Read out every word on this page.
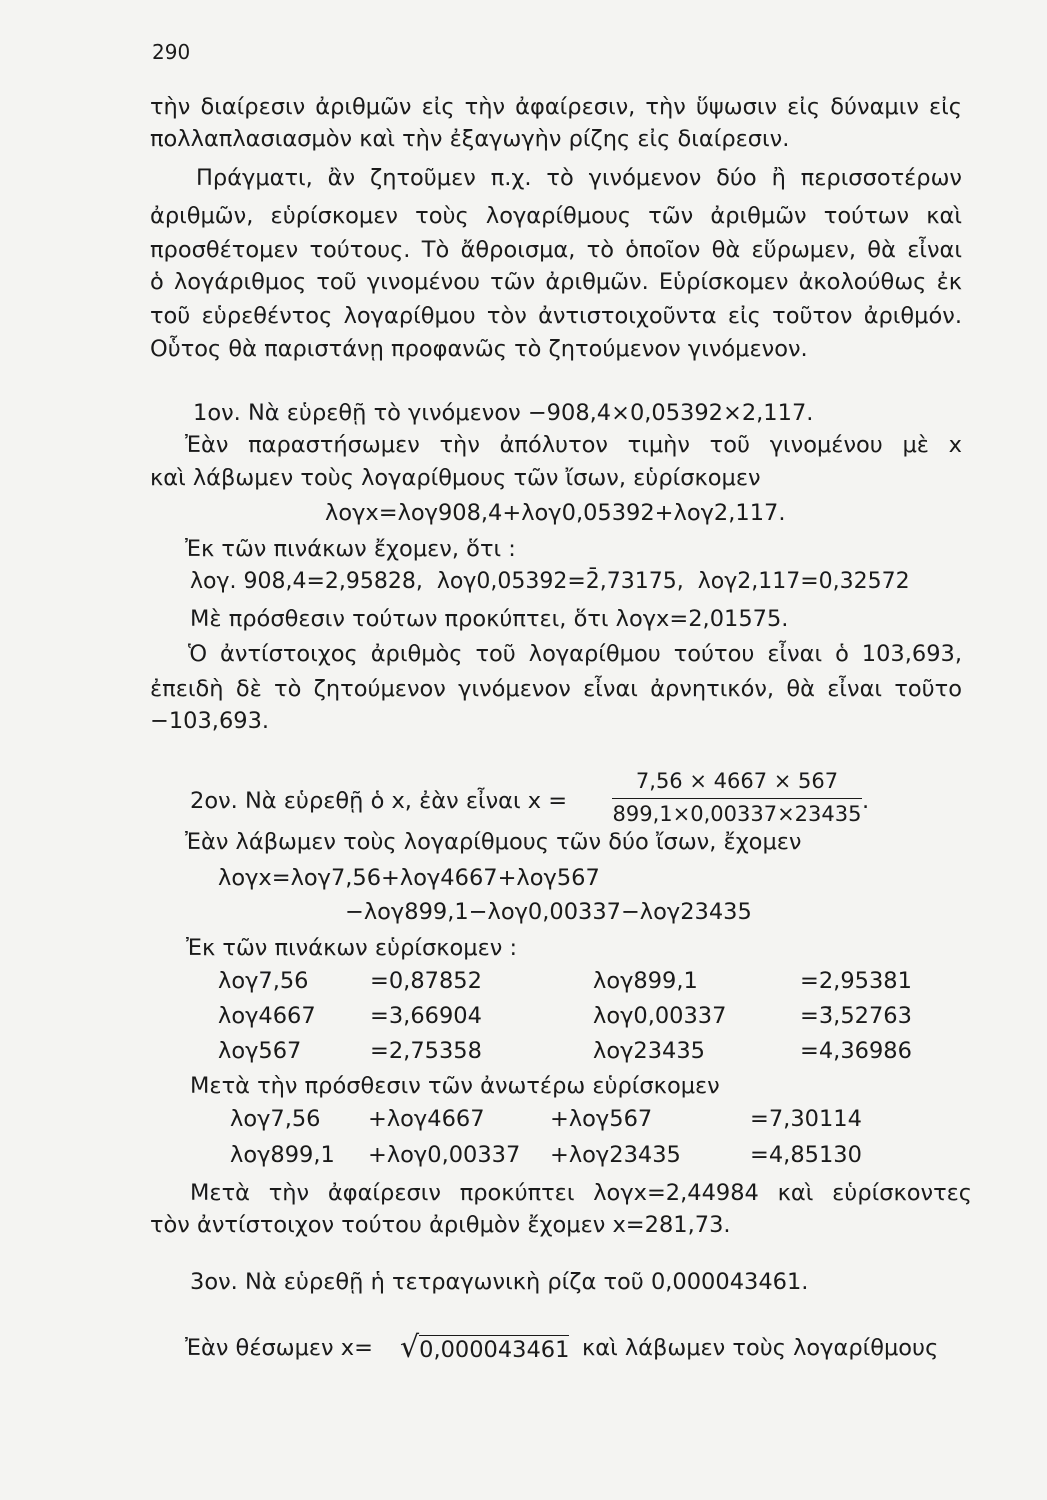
290
τὴν διαίρεσιν ἀριθμῶν εἰς τὴν ἀφαίρεσιν, τὴν ὕψωσιν εἰς δύναμιν εἰς
πολλαπλασιασμὸν καὶ τὴν ἐξαγωγὴν ρίζης εἰς διαίρεσιν.
Πράγματι, ἂν ζητοῦμεν π.χ. τὸ γινόμενον δύο ἢ περισσοτέρων
ἀριθμῶν, εὑρίσκομεν τοὺς λογαρίθμους τῶν ἀριθμῶν τούτων καὶ
προσθέτομεν τούτους. Τὸ ἄθροισμα, τὸ ὁποῖον θὰ εὕρωμεν, θὰ εἶναι
ὁ λογάριθμος τοῦ γινομένου τῶν ἀριθμῶν. Εὑρίσκομεν ἀκολούθως ἐκ
τοῦ εὑρεθέντος λογαρίθμου τὸν ἀντιστοιχοῦντα εἰς τοῦτον ἀριθμόν.
Οὗτος θὰ παριστάνῃ προφανῶς τὸ ζητούμενον γινόμενον.
1ον. Νὰ εὑρεθῇ τὸ γινόμενον −908,4×0,05392×2,117.
Ἐὰν παραστήσωμεν τὴν ἀπόλυτον τιμὴν τοῦ γινομένου μὲ x
καὶ λάβωμεν τοὺς λογαρίθμους τῶν ἴσων, εὑρίσκομεν
λογx=λογ908,4+λογ0,05392+λογ2,117.
Ἐκ τῶν πινάκων ἔχομεν, ὅτι :
λογ. 908,4=2,95828,  λογ0,05392=2̄,73175,  λογ2,117=0,32572
Μὲ πρόσθεσιν τούτων προκύπτει, ὅτι λογx=2,01575.
Ὁ ἀντίστοιχος ἀριθμὸς τοῦ λογαρίθμου τούτου εἶναι ὁ 103,693,
ἐπειδὴ δὲ τὸ ζητούμενον γινόμενον εἶναι ἀρνητικόν, θὰ εἶναι τοῦτο
−103,693.
2ον. Νὰ εὑρεθῇ ὁ x, ἐὰν εἶναι $x = \frac{7,56 \times 4667 \times 567}{899,1\times 0,00337\times 23435}$ .
Ἐὰν λάβωμεν τοὺς λογαρίθμους τῶν δύο ἴσων, ἔχομεν
λογx=λογ7,56+λογ4667+λογ567
−λογ899,1−λογ0,00337−λογ23435
Ἐκ τῶν πινάκων εὑρίσκομεν :
λογ7,56	=0,87852	λογ899,1	=2,95381
λογ4667 =3,66904	λογ0,00337	=3̄,52763
λογ567	=2,75358	λογ23435	=4,36986
Μετὰ τὴν πρόσθεσιν τῶν ἀνωτέρω εὑρίσκομεν
λογ7,56 +λογ4667	+λογ567	=7,30114
λογ899,1 +λογ0,00337 +λογ23435	=4,85130
Μετὰ τὴν ἀφαίρεσιν προκύπτει λογx=2,44984 καὶ εὑρίσκοντες
τὸν ἀντίστοιχον τούτου ἀριθμὸν ἔχομεν x=281,73.
3ον. Νὰ εὑρεθῇ ἡ τετραγωνικὴ ρίζα τοῦ 0,000043461.
Ἐὰν θέσωμεν x= √0,000043461 καὶ λάβωμεν τοὺς λογαρίθμους
